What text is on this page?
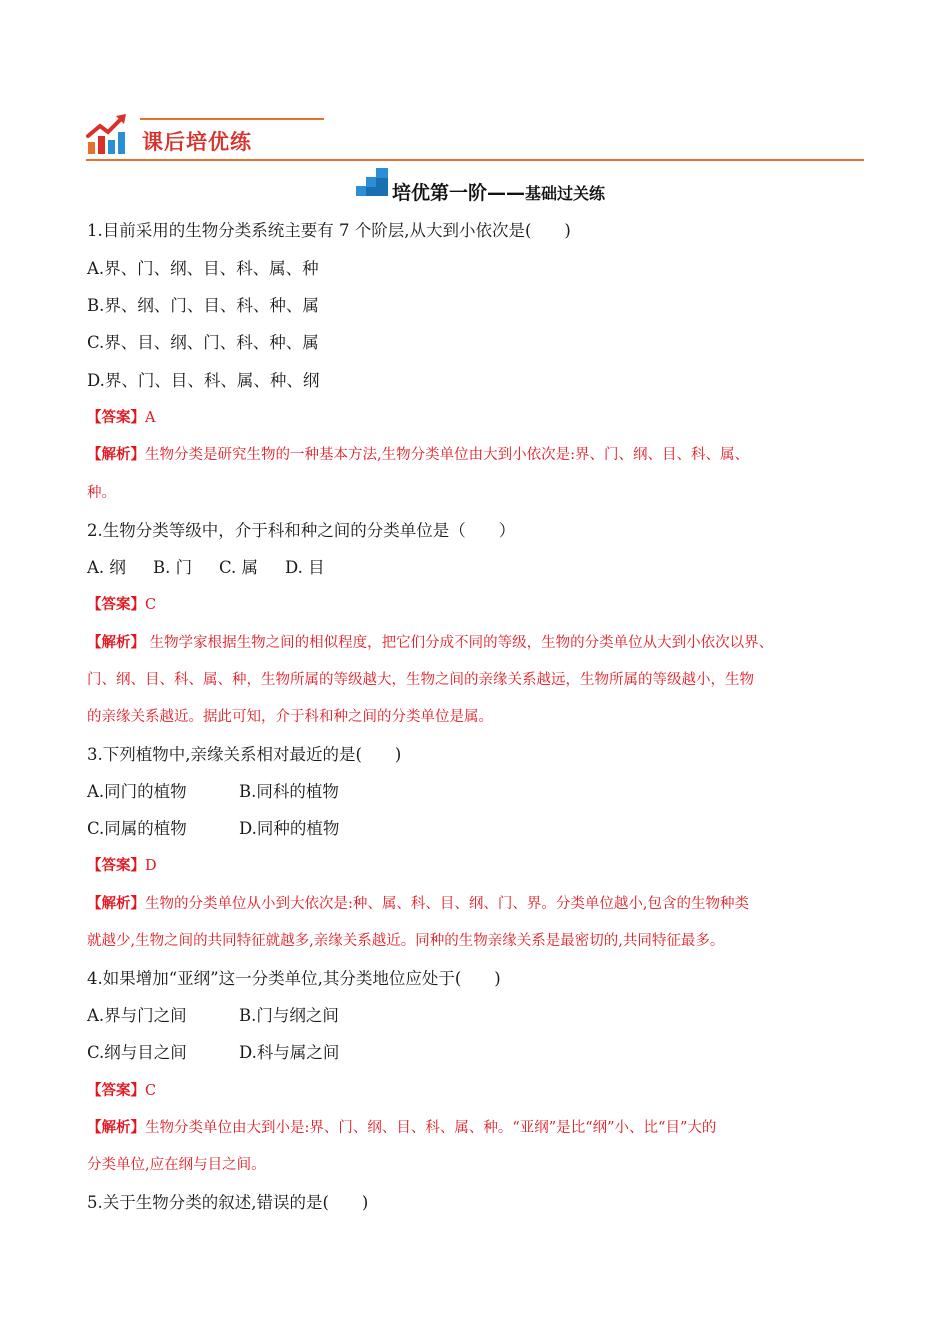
课后培优练
培优第一阶——基础过关练
1.目前采用的生物分类系统主要有 7 个阶层,从大到小依次是(　　)
A.界、门、纲、目、科、属、种
B.界、纲、门、目、科、种、属
C.界、目、纲、门、科、种、属
D.界、门、目、科、属、种、纲
【答案】A
【解析】生物分类是研究生物的一种基本方法,生物分类单位由大到小依次是:界、门、纲、目、科、属、
种。
2.生物分类等级中，介于科和种之间的分类单位是（　　）
A. 纲 B. 门 C. 属 D. 目
【答案】C
【解析】 生物学家根据生物之间的相似程度，把它们分成不同的等级，生物的分类单位从大到小依次以界、
门、纲、目、科、属、种，生物所属的等级越大，生物之间的亲缘关系越远，生物所属的等级越小，生物
的亲缘关系越近。据此可知，介于科和种之间的分类单位是属。
3.下列植物中,亲缘关系相对最近的是(　　)
A.同门的植物	B.同科的植物
C.同属的植物	D.同种的植物
【答案】D
【解析】生物的分类单位从小到大依次是:种、属、科、目、纲、门、界。分类单位越小,包含的生物种类
就越少,生物之间的共同特征就越多,亲缘关系越近。同种的生物亲缘关系是最密切的,共同特征最多。
4.如果增加“亚纲”这一分类单位,其分类地位应处于(　　)
A.界与门之间	B.门与纲之间
C.纲与目之间	D.科与属之间
【答案】C
【解析】生物分类单位由大到小是:界、门、纲、目、科、属、种。“亚纲”是比“纲”小、比“目”大的
分类单位,应在纲与目之间。
5.关于生物分类的叙述,错误的是(　　)
